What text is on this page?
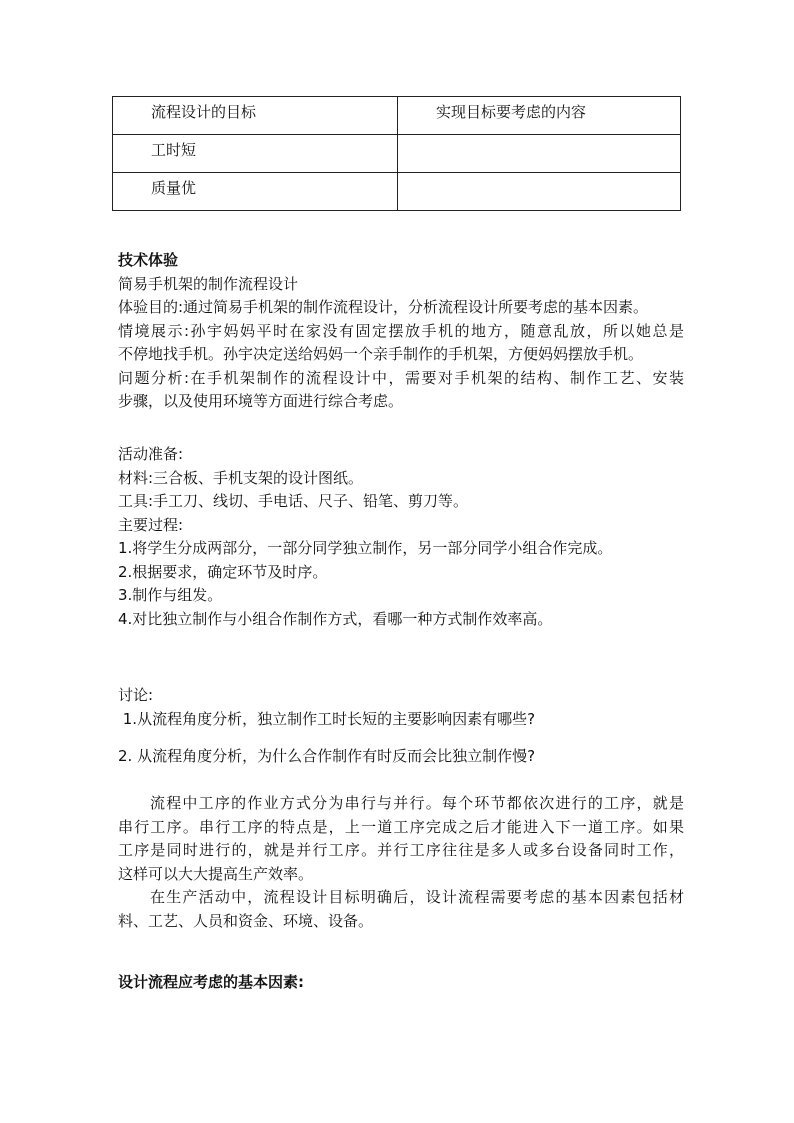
流程设计的目标	实现目标要考虑的内容

工时短	

质量优	

技术体验
简易手机架的制作流程设计
体验目的:通过简易手机架的制作流程设计，分析流程设计所要考虑的基本因素。
情境展示:孙宇妈妈平时在家没有固定摆放手机的地方，随意乱放，所以她总是
不停地找手机。孙宇决定送给妈妈一个亲手制作的手机架，方便妈妈摆放手机。
问题分析:在手机架制作的流程设计中，需要对手机架的结构、制作工艺、安装
步骤，以及使用环境等方面进行综合考虑。
活动准备:
材料:三合板、手机支架的设计图纸。
工具:手工刀、线切、手电话、尺子、铅笔、剪刀等。
主要过程:
1.将学生分成两部分，一部分同学独立制作，另一部分同学小组合作完成。
2.根据要求，确定环节及时序。
3.制作与组发。
4.对比独立制作与小组合作制作方式，看哪一种方式制作效率高。
讨论:
1.从流程角度分析，独立制作工时长短的主要影响因素有哪些?
2. 从流程角度分析，为什么合作制作有时反而会比独立制作慢?
流程中工序的作业方式分为串行与并行。每个环节都依次进行的工序，就是
串行工序。串行工序的特点是，上一道工序完成之后才能进入下一道工序。如果
工序是同时进行的，就是并行工序。并行工序往往是多人或多台设备同时工作，
这样可以大大提高生产效率。
在生产活动中，流程设计目标明确后，设计流程需要考虑的基本因素包括材
料、工艺、人员和资金、环境、设备。
设计流程应考虑的基本因素:
